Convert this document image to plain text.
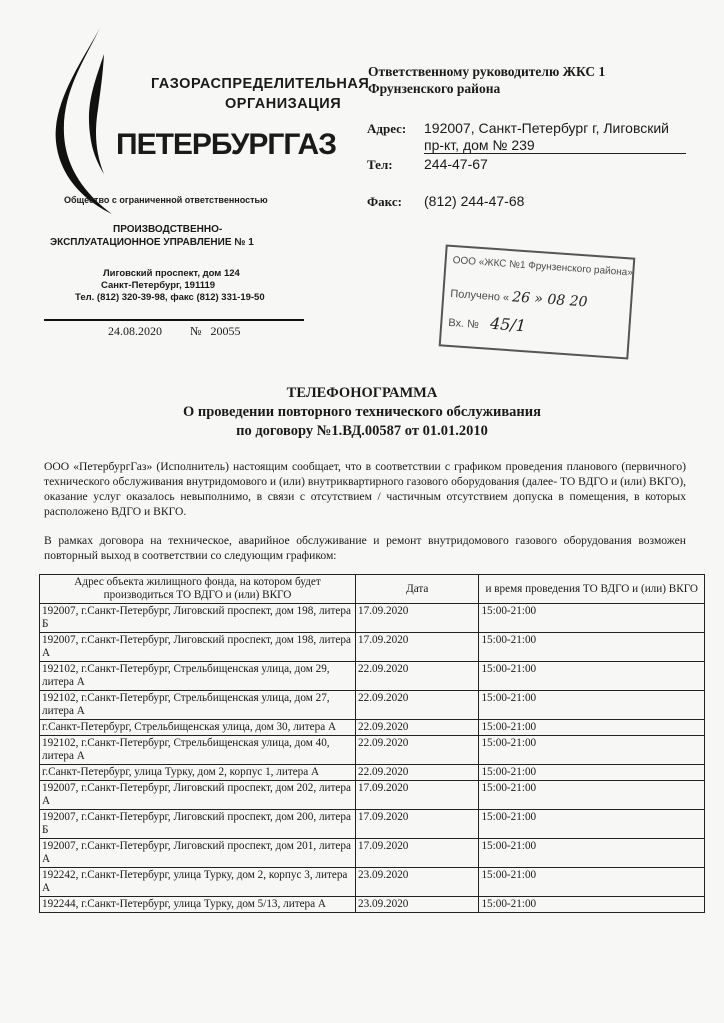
ГАЗОРАСПРЕДЕЛИТЕЛЬНАЯ
ОРГАНИЗАЦИЯ
ПЕТЕРБУРГГАЗ
Общество с ограниченной ответственностью
ПРОИЗВОДСТВЕННО-
ЭКСПЛУАТАЦИОННОЕ УПРАВЛЕНИЕ № 1
Лиговский проспект, дом 124
Санкт-Петербург, 191119
Тел. (812) 320-39-98, факс (812) 331-19-50
24.08.2020 № 20055
Ответственному руководителю ЖКС 1
Фрунзенского района
Адрес: 192007, Санкт-Петербург г, Лиговский
пр-кт, дом № 239
Тел: 244-47-67
Факс: (812) 244-47-68
ООО «ЖКС №1 Фрунзенского района»
Получено « 26 » 08 20
Вх. № 45/1
ТЕЛЕФОНОГРАММА
О проведении повторного технического обслуживания
по договору №1.ВД.00587 от 01.01.2010
ООО «ПетербургГаз» (Исполнитель) настоящим сообщает, что в соответствии с графиком проведения планового (первичного) технического обслуживания внутридомового и (или) внутриквартирного газового оборудования (далее- ТО ВДГО и (или) ВКГО), оказание услуг оказалось невыполнимо, в связи с отсутствием / частичным отсутствием допуска в помещения, в которых расположено ВДГО и ВКГО.
В рамках договора на техническое, аварийное обслуживание и ремонт внутридомового газового оборудования возможен повторный выход в соответствии со следующим графиком:
Адрес объекта жилищного фонда, на котором будет производиться ТО ВДГО и (или) ВКГО	Дата	и время проведения ТО ВДГО и (или) ВКГО
192007, г.Санкт-Петербург, Лиговский проспект, дом 198, литера Б	17.09.2020	15:00-21:00
192007, г.Санкт-Петербург, Лиговский проспект, дом 198, литера А	17.09.2020	15:00-21:00
192102, г.Санкт-Петербург, Стрельбищенская улица, дом 29, литера А	22.09.2020	15:00-21:00
192102, г.Санкт-Петербург, Стрельбищенская улица, дом 27, литера А	22.09.2020	15:00-21:00
г.Санкт-Петербург, Стрельбищенская улица, дом 30, литера А	22.09.2020	15:00-21:00
192102, г.Санкт-Петербург, Стрельбищенская улица, дом 40, литера А	22.09.2020	15:00-21:00
г.Санкт-Петербург, улица Турку, дом 2, корпус 1, литера А	22.09.2020	15:00-21:00
192007, г.Санкт-Петербург, Лиговский проспект, дом 202, литера А	17.09.2020	15:00-21:00
192007, г.Санкт-Петербург, Лиговский проспект, дом 200, литера Б	17.09.2020	15:00-21:00
192007, г.Санкт-Петербург, Лиговский проспект, дом 201, литера А	17.09.2020	15:00-21:00
192242, г.Санкт-Петербург, улица Турку, дом 2, корпус 3, литера А	23.09.2020	15:00-21:00
192244, г.Санкт-Петербург, улица Турку, дом 5/13, литера А	23.09.2020	15:00-21:00
